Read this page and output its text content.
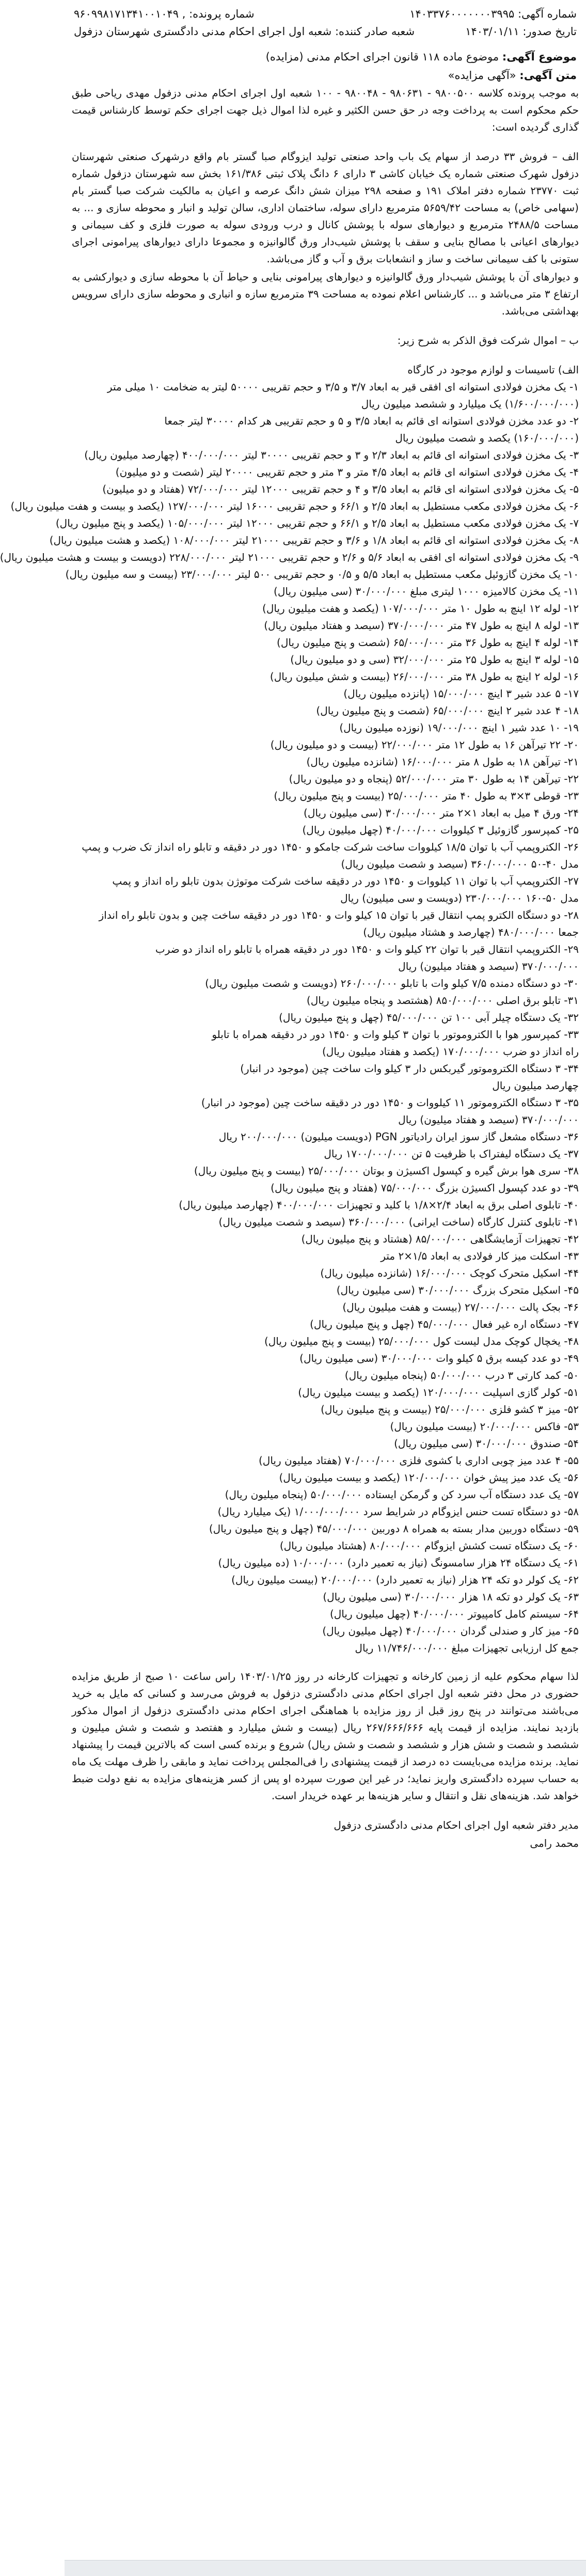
شماره آگهی: ۱۴۰۳۳۷۶۰۰۰۰۰۰۰۳۹۹۵
شماره پرونده: ۹۶۰۹۹۸۱۷۱۳۴۱۰۰۱۰۴۹ ,
تاریخ صدور: ۱۴۰۳/۰۱/۱۱
شعبه صادر کننده: شعبه اول اجرای احکام مدنی دادگستری شهرستان دزفول
موضوع آگهی: موضوع ماده ۱۱۸ قانون اجرای احکام مدنی (مزایده)
متن آگهی: «آگهی مزایده»

به موجب پرونده کلاسه ۹۸۰۰۵۰۰ - ۹۸۰۶۳۱ - ۹۸۰۰۴۸ - ۱۰۰ شعبه اول اجرای احکام مدنی دزفول مهدی ریاحی طبق حکم محکوم است به پرداخت وجه در حق حسن الکثیر و غیره لذا اموال ذیل جهت اجرای حکم توسط کارشناس قیمت گذاری گردیده است:

الف – فروش ۳۳ درصد از سهام یک باب واحد صنعتی تولید ایزوگام صبا گستر بام واقع درشهرک صنعتی شهرستان دزفول شهرک صنعتی شماره یک خیابان کاشی ۳ دارای ۶ دانگ پلاک ثبتی ۱۶۱/۳۸۶ بخش سه شهرستان دزفول شماره ثبت ۲۳۷۷۰ شماره دفتر املاک ۱۹۱ و صفحه ۲۹۸ میزان شش دانگ عرصه و اعیان به مالکیت شرکت صبا گستر بام (سهامی خاص) به مساحت ۵۶۵۹/۴۲ مترمربع دارای سوله، ساختمان اداری، سالن تولید و انبار و محوطه سازی و ... به مساحت ۲۴۸۸/۵ مترمربع و دیوارهای سوله با پوشش کانال و درب ورودی سوله به صورت فلزی و کف سیمانی و دیوارهای اعیانی با مصالح بنایی و سقف با پوشش شیب‌دار ورق گالوانیزه و مجموعا دارای دیوارهای پیرامونی اجرای ستونی با کف سیمانی ساخت و ساز و انشعابات برق و آب و گاز می‌باشد.

و دیوارهای آن با پوشش شیب‌دار ورق گالوانیزه و دیوارهای پیرامونی بنایی و حیاط آن با محوطه سازی و دیوارکشی به ارتفاع ۳ متر می‌باشد و ... کارشناس اعلام نموده به مساحت ۳۹ مترمربع سازه و انباری و محوطه سازی دارای سرویس بهداشتی می‌باشد.

ب – اموال شرکت فوق الذکر به شرح زیر:

الف) تاسیسات و لوازم موجود در کارگاه
۱- یک مخزن فولادی استوانه ای افقی قیر به ابعاد ۳/۷ و ۳/۵ و حجم تقریبی ۵۰۰۰۰ لیتر به ضخامت ۱۰ میلی متر
(۱/۶۰۰/۰۰۰/۰۰۰) یک میلیارد و ششصد میلیون ریال
۲- دو عدد مخزن فولادی استوانه ای قائم به ابعاد ۳/۵ و ۵ و حجم تقریبی هر کدام ۳۰۰۰۰ لیتر جمعا
(۱۶۰/۰۰۰/۰۰۰) یکصد و شصت میلیون ریال
۳- یک مخزن فولادی استوانه ای قائم به ابعاد ۲/۳ و ۳ و حجم تقریبی ۳۰۰۰۰ لیتر ۴۰۰/۰۰۰/۰۰۰ (چهارصد میلیون ریال)
۴- یک مخزن فولادی استوانه ای قائم به ابعاد ۴/۵ متر و ۳ متر و حجم تقریبی ۲۰۰۰۰ لیتر (شصت و دو میلیون)
۵- یک مخزن فولادی استوانه ای قائم به ابعاد ۳/۵ و ۴ و حجم تقریبی ۱۲۰۰۰ لیتر ۷۲/۰۰۰/۰۰۰ (هفتاد و دو میلیون)
۶- یک مخزن فولادی مکعب مستطیل به ابعاد ۲/۵ و ۶۶/۱ و حجم تقریبی ۱۶۰۰۰ لیتر ۱۲۷/۰۰۰/۰۰۰ (یکصد و بیست و هفت میلیون ریال)
۷- یک مخزن فولادی مکعب مستطیل به ابعاد ۲/۵ و ۶۶/۱ و حجم تقریبی ۱۲۰۰۰ لیتر ۱۰۵/۰۰۰/۰۰۰ (یکصد و پنج میلیون ریال)
۸- یک مخزن فولادی استوانه ای قائم به ابعاد ۱/۸ و ۳/۶ و حجم تقریبی ۲۱۰۰۰ لیتر ۱۰۸/۰۰۰/۰۰۰ (یکصد و هشت میلیون ریال)
۹- یک مخزن فولادی استوانه ای افقی به ابعاد ۵/۶ و ۲/۶ و حجم تقریبی ۲۱۰۰۰ لیتر ۲۲۸/۰۰۰/۰۰۰ (دویست و بیست و هشت میلیون ریال)
۱۰- یک مخزن گازوئیل مکعب مستطیل به ابعاد ۵/۵ و ۰/۵ و حجم تقریبی ۵۰۰ لیتر ۲۳/۰۰۰/۰۰۰ (بیست و سه میلیون ریال)
۱۱- یک مخزن کالامیزه ۱۰۰۰ لیتری مبلغ ۳۰/۰۰۰/۰۰۰ (سی میلیون ریال)
۱۲- لوله ۱۲ اینچ به طول ۱۰ متر ۱۰۷/۰۰۰/۰۰۰ (یکصد و هفت میلیون ریال)
۱۳- لوله ۸ اینچ به طول ۴۷ متر ۳۷۰/۰۰۰/۰۰۰ (سیصد و هفتاد میلیون ریال)
۱۴- لوله ۴ اینچ به طول ۳۶ متر ۶۵/۰۰۰/۰۰۰ (شصت و پنج میلیون ریال)
۱۵- لوله ۳ اینچ به طول ۲۵ متر ۳۲/۰۰۰/۰۰۰ (سی و دو میلیون ریال)
۱۶- لوله ۲ اینچ به طول ۳۸ متر ۲۶/۰۰۰/۰۰۰ (بیست و شش میلیون ریال)
۱۷- ۵ عدد شیر ۳ اینچ ۱۵/۰۰۰/۰۰۰ (پانزده میلیون ریال)
۱۸- ۴ عدد شیر ۲ اینچ ۶۵/۰۰۰/۰۰۰ (شصت و پنج میلیون ریال)
۱۹- ۱۰ عدد شیر ۱ اینچ ۱۹/۰۰۰/۰۰۰ (نوزده میلیون ریال)
۲۰- ۲۲ تیرآهن ۱۶ به طول ۱۲ متر ۲۲/۰۰۰/۰۰۰ (بیست و دو میلیون ریال)
۲۱- تیرآهن ۱۸ به طول ۸ متر ۱۶/۰۰۰/۰۰۰ (شانزده میلیون ریال)
۲۲- تیرآهن ۱۴ به طول ۳۰ متر ۵۲/۰۰۰/۰۰۰ (پنجاه و دو میلیون ریال)
۲۳- قوطی ۳×۳ به طول ۴۰ متر ۲۵/۰۰۰/۰۰۰ (بیست و پنج میلیون ریال)
۲۴- ورق ۴ میل به ابعاد ۱×۲ متر ۳۰/۰۰۰/۰۰۰ (سی میلیون ریال)
۲۵- کمپرسور گازوئیل ۳ کیلووات ۴۰/۰۰۰/۰۰۰ (چهل میلیون ریال)
۲۶- الکتروپمپ آب با توان ۱۸/۵ کیلووات ساخت شرکت جامکو و ۱۴۵۰ دور در دقیقه و تابلو راه انداز تک ضرب و پمپ
مدل ۴۰-۵۰ ۳۶۰/۰۰۰/۰۰۰ (سیصد و شصت میلیون ریال)
۲۷- الکتروپمپ آب با توان ۱۱ کیلووات و ۱۴۵۰ دور در دقیقه ساخت شرکت موتوژن بدون تابلو راه انداز و پمپ
مدل ۵۰-۱۶۰ ۲۳۰/۰۰۰/۰۰۰ (دویست و سی میلیون) ریال
۲۸- دو دستگاه الکترو پمپ انتقال قیر با توان ۱۵ کیلو وات و ۱۴۵۰ دور در دقیقه ساخت چین و بدون تابلو راه انداز
جمعا ۴۸۰/۰۰۰/۰۰۰ (چهارصد و هشتاد میلیون ریال)
۲۹- الکتروپمپ انتقال قیر با توان ۲۲ کیلو وات و ۱۴۵۰ دور در دقیقه همراه با تابلو راه انداز دو ضرب
۳۷۰/۰۰۰/۰۰۰ (سیصد و هفتاد میلیون) ریال
۳۰- دو دستگاه دمنده ۷/۵ کیلو وات با تابلو ۲۶۰/۰۰۰/۰۰۰ (دویست و شصت میلیون ریال)
۳۱- تابلو برق اصلی ۸۵۰/۰۰۰/۰۰۰ (هشتصد و پنجاه میلیون ریال)
۳۲- یک دستگاه چیلر آبی ۱۰۰ تن ۴۵/۰۰۰/۰۰۰ (چهل و پنج میلیون ریال)
۳۳- کمپرسور هوا با الکتروموتور با توان ۳ کیلو وات و ۱۴۵۰ دور در دقیقه همراه با تابلو
راه انداز دو ضرب ۱۷۰/۰۰۰/۰۰۰ (یکصد و هفتاد میلیون ریال)
۳۴- ۳ دستگاه الکتروموتور گیربکس دار ۳ کیلو وات ساخت چین (موجود در انبار)
چهارصد میلیون ریال
۳۵- ۳ دستگاه الکتروموتور ۱۱ کیلووات و ۱۴۵۰ دور در دقیقه ساخت چین (موجود در انبار)
۳۷۰/۰۰۰/۰۰۰ (سیصد و هفتاد میلیون) ریال
۳۶- دستگاه مشعل گاز سوز ایران رادیاتور PGN (دویست میلیون) ۲۰۰/۰۰۰/۰۰۰ ریال
۳۷- یک دستگاه لیفتراک با ظرفیت ۵ تن ۱۷۰۰/۰۰۰/۰۰۰ ریال
۳۸- سری هوا برش گیره و کپسول اکسیژن و بوتان ۲۵/۰۰۰/۰۰۰ (بیست و پنج میلیون ریال)
۳۹- دو عدد کپسول اکسیژن بزرگ ۷۵/۰۰۰/۰۰۰ (هفتاد و پنج میلیون ریال)
۴۰- تابلوی اصلی برق به ابعاد ۲/۴×۱/۸ با کلید و تجهیزات ۴۰۰/۰۰۰/۰۰۰ (چهارصد میلیون ریال)
۴۱- تابلوی کنترل کارگاه (ساخت ایرانی) ۳۶۰/۰۰۰/۰۰۰ (سیصد و شصت میلیون ریال)
۴۲- تجهیزات آزمایشگاهی ۸۵/۰۰۰/۰۰۰ (هشتاد و پنج میلیون ریال)
۴۳- اسکلت میز کار فولادی به ابعاد ۱/۵×۲ متر
۴۴- اسکیل متحرک کوچک ۱۶/۰۰۰/۰۰۰ (شانزده میلیون ریال)
۴۵- اسکیل متحرک بزرگ ۳۰/۰۰۰/۰۰۰ (سی میلیون ریال)
۴۶- بجک پالت ۲۷/۰۰۰/۰۰۰ (بیست و هفت میلیون ریال)
۴۷- دستگاه اره غیر فعال ۴۵/۰۰۰/۰۰۰ (چهل و پنج میلیون ریال)
۴۸- یخچال کوچک مدل لیست کول ۲۵/۰۰۰/۰۰۰ (بیست و پنج میلیون ریال)
۴۹- دو عدد کیسه برق ۵ کیلو وات ۳۰/۰۰۰/۰۰۰ (سی میلیون ریال)
۵۰- کمد کارتی ۳ درب ۵۰/۰۰۰/۰۰۰ (پنجاه میلیون ریال)
۵۱- کولر گازی اسپلیت ۱۲۰/۰۰۰/۰۰۰ (یکصد و بیست میلیون ریال)
۵۲- میز ۳ کشو فلزی ۲۵/۰۰۰/۰۰۰ (بیست و پنج میلیون ریال)
۵۳- فاکس ۲۰/۰۰۰/۰۰۰ (بیست میلیون ریال)
۵۴- صندوق ۳۰/۰۰۰/۰۰۰ (سی میلیون ریال)
۵۵- ۴ عدد میز چوبی اداری با کشوی فلزی ۷۰/۰۰۰/۰۰۰ (هفتاد میلیون ریال)
۵۶- یک عدد میز پیش خوان ۱۲۰/۰۰۰/۰۰۰ (یکصد و بیست میلیون ریال)
۵۷- یک عدد دستگاه آب سرد کن و گرمکن ایستاده ۵۰/۰۰۰/۰۰۰ (پنجاه میلیون ریال)
۵۸- دو دستگاه تست حنس ایزوگام در شرایط سرد ۱/۰۰۰/۰۰۰/۰۰۰ (یک میلیارد ریال)
۵۹- دستگاه دوربین مدار بسته به همراه ۸ دوربین ۴۵/۰۰۰/۰۰۰ (چهل و پنج میلیون ریال)
۶۰- یک دستگاه تست کشش ایزوگام ۸۰/۰۰۰/۰۰۰ (هشتاد میلیون ریال)
۶۱- یک دستگاه ۲۴ هزار سامسونگ (نیاز به تعمیر دارد) ۱۰/۰۰۰/۰۰۰ (ده میلیون ریال)
۶۲- یک کولر دو تکه ۲۴ هزار (نیاز به تعمیر دارد) ۲۰/۰۰۰/۰۰۰ (بیست میلیون ریال)
۶۳- یک کولر دو تکه ۱۸ هزار ۳۰/۰۰۰/۰۰۰ (سی میلیون ریال)
۶۴- سیستم کامل کامپیوتر ۴۰/۰۰۰/۰۰۰ (چهل میلیون ریال)
۶۵- میز کار و صندلی گردان ۴۰/۰۰۰/۰۰۰ (چهل میلیون ریال)
جمع کل ارزیابی تجهیزات مبلغ ۱۱/۷۴۶/۰۰۰/۰۰۰ ریال

لذا سهام محکوم علیه از زمین کارخانه و تجهیزات کارخانه در روز ۱۴۰۳/۰۱/۲۵ راس ساعت ۱۰ صبح از طریق مزایده حضوری در محل دفتر شعبه اول اجرای احکام مدنی دادگستری دزفول به فروش می‌رسد و کسانی که مایل به خرید می‌باشند می‌توانند در پنج روز قبل از روز مزایده با هماهنگی اجرای احکام مدنی دادگستری دزفول از اموال مذکور بازدید نمایند. مزایده از قیمت پایه ۲۶۷/۶۶۶/۶۶۶ ریال (بیست و شش میلیارد و هفتصد و شصت و شش میلیون و ششصد و شصت و شش هزار و ششصد و شصت و شش ریال) شروع و برنده کسی است که بالاترین قیمت را پیشنهاد نماید. برنده مزایده می‌بایست ده درصد از قیمت پیشنهادی را فی‌المجلس پرداخت نماید و مابقی را ظرف مهلت یک ماه به حساب سپرده دادگستری واریز نماید؛ در غیر این صورت سپرده او پس از کسر هزینه‌های مزایده به نفع دولت ضبط خواهد شد. هزینه‌های نقل و انتقال و سایر هزینه‌ها بر عهده خریدار است.

مدیر دفتر شعبه اول اجرای احکام مدنی دادگستری دزفول

محمد رامی
